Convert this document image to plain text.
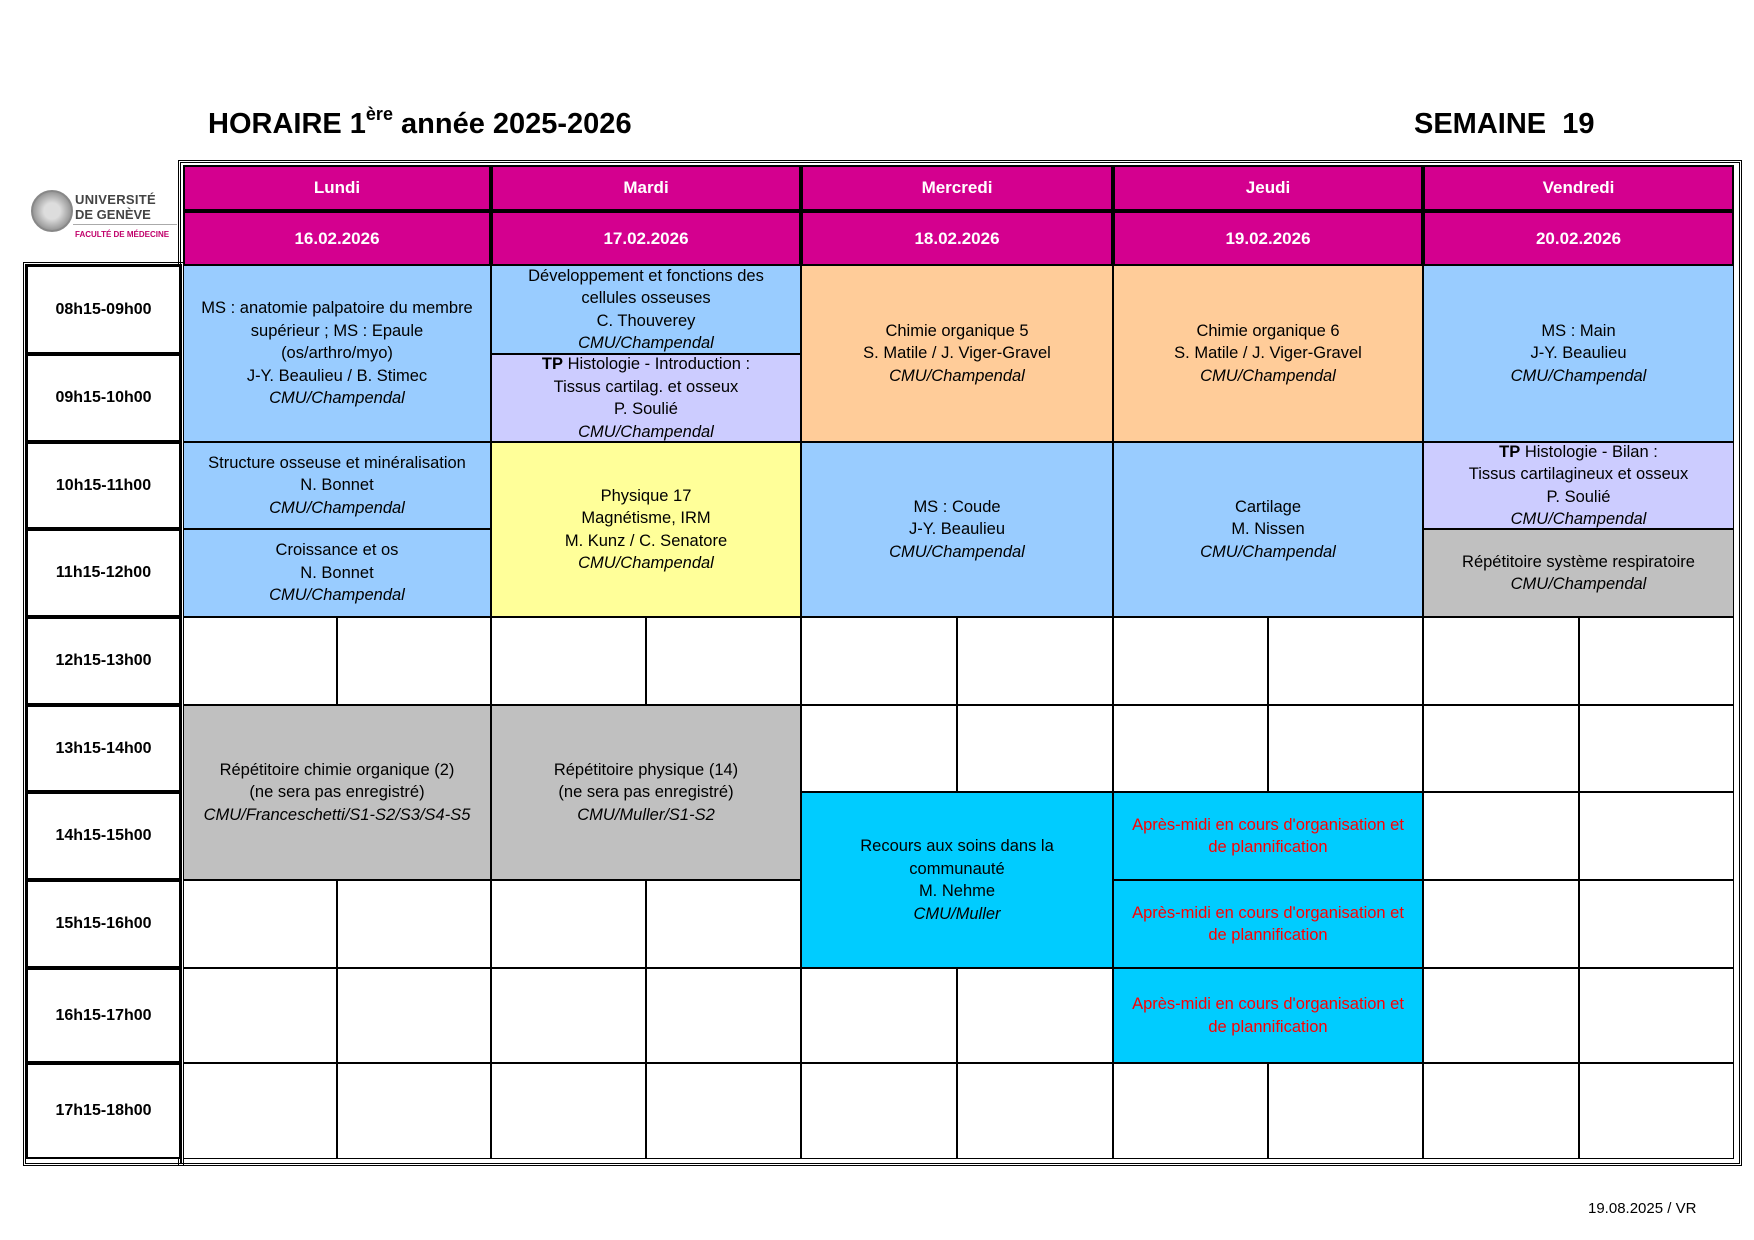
HORAIRE 1ère année 2025-2026	SEMAINE  19
UNIVERSITÉ
DE GENÈVE
FACULTÉ DE MÉDECINE
Lundi
16.02.2026
Mardi
17.02.2026
Mercredi
18.02.2026
Jeudi
19.02.2026
Vendredi
20.02.2026
08h15-09h00
09h15-10h00
10h15-11h00
11h15-12h00
12h15-13h00
13h15-14h00
14h15-15h00
15h15-16h00
16h15-17h00
17h15-18h00
MS : anatomie palpatoire du membre
supérieur ; MS : Epaule
(os/arthro/myo)
J-Y. Beaulieu / B. Stimec
CMU/Champendal
Structure osseuse et minéralisation
N. Bonnet
CMU/Champendal
Croissance et os
N. Bonnet
CMU/Champendal
Répétitoire chimie organique (2)
(ne sera pas enregistré)
CMU/Franceschetti/S1-S2/S3/S4-S5
Développement et fonctions des
cellules osseuses
C. Thouverey
CMU/Champendal
TP Histologie - Introduction :
Tissus cartilag. et osseux
P. Soulié
CMU/Champendal
Physique 17
Magnétisme, IRM
M. Kunz / C. Senatore
CMU/Champendal
Répétitoire physique (14)
(ne sera pas enregistré)
CMU/Muller/S1-S2
Chimie organique 5
S. Matile / J. Viger-Gravel
CMU/Champendal
MS : Coude
J-Y. Beaulieu
CMU/Champendal
Recours aux soins dans la
communauté
M. Nehme
CMU/Muller
Chimie organique 6
S. Matile / J. Viger-Gravel
CMU/Champendal
Cartilage
M. Nissen
CMU/Champendal
Après-midi en cours d'organisation et
de plannification
Après-midi en cours d'organisation et
de plannification
Après-midi en cours d'organisation et
de plannification
MS : Main
J-Y. Beaulieu
CMU/Champendal
TP Histologie - Bilan :
Tissus cartilagineux et osseux
P. Soulié
CMU/Champendal
Répétitoire système respiratoire
CMU/Champendal
19.08.2025 / VR
